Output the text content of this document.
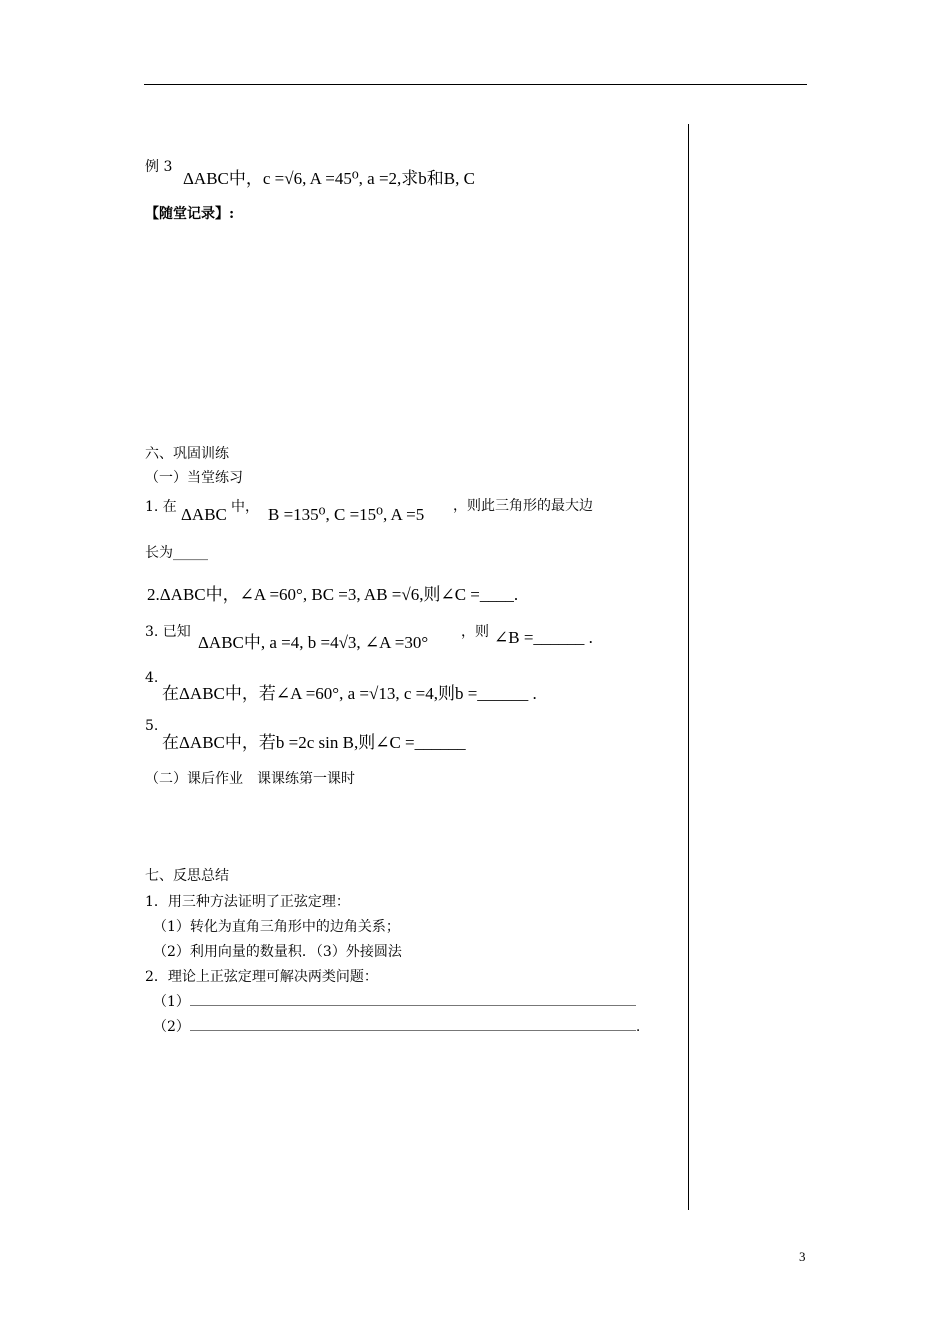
例 3
ΔABC中，c =√6, A =45⁰, a =2,求b和B, C
【随堂记录】:
六、巩固训练
（一）当堂练习
1. 在 ΔABC 中， B =135⁰, C =15⁰, A =5 ，则此三角形的最大边
长为_____
2.ΔABC中，∠A =60°, BC =3, AB =√6,则∠C =____.
3. 已知
ΔABC中, a =4, b =4√3, ∠A =30°
，则 ∠B =______ .
4.
在ΔABC中，若∠A =60°, a =√13, c =4,则b =______ .
5.
在ΔABC中，若b =2c sin B,则∠C =______
（二）课后作业　课课练第一课时
七、反思总结
1．用三种方法证明了正弦定理：
（1）转化为直角三角形中的边角关系；
（2）利用向量的数量积．（3）外接圆法
2．理论上正弦定理可解决两类问题：
（1）
（2）	.
3
